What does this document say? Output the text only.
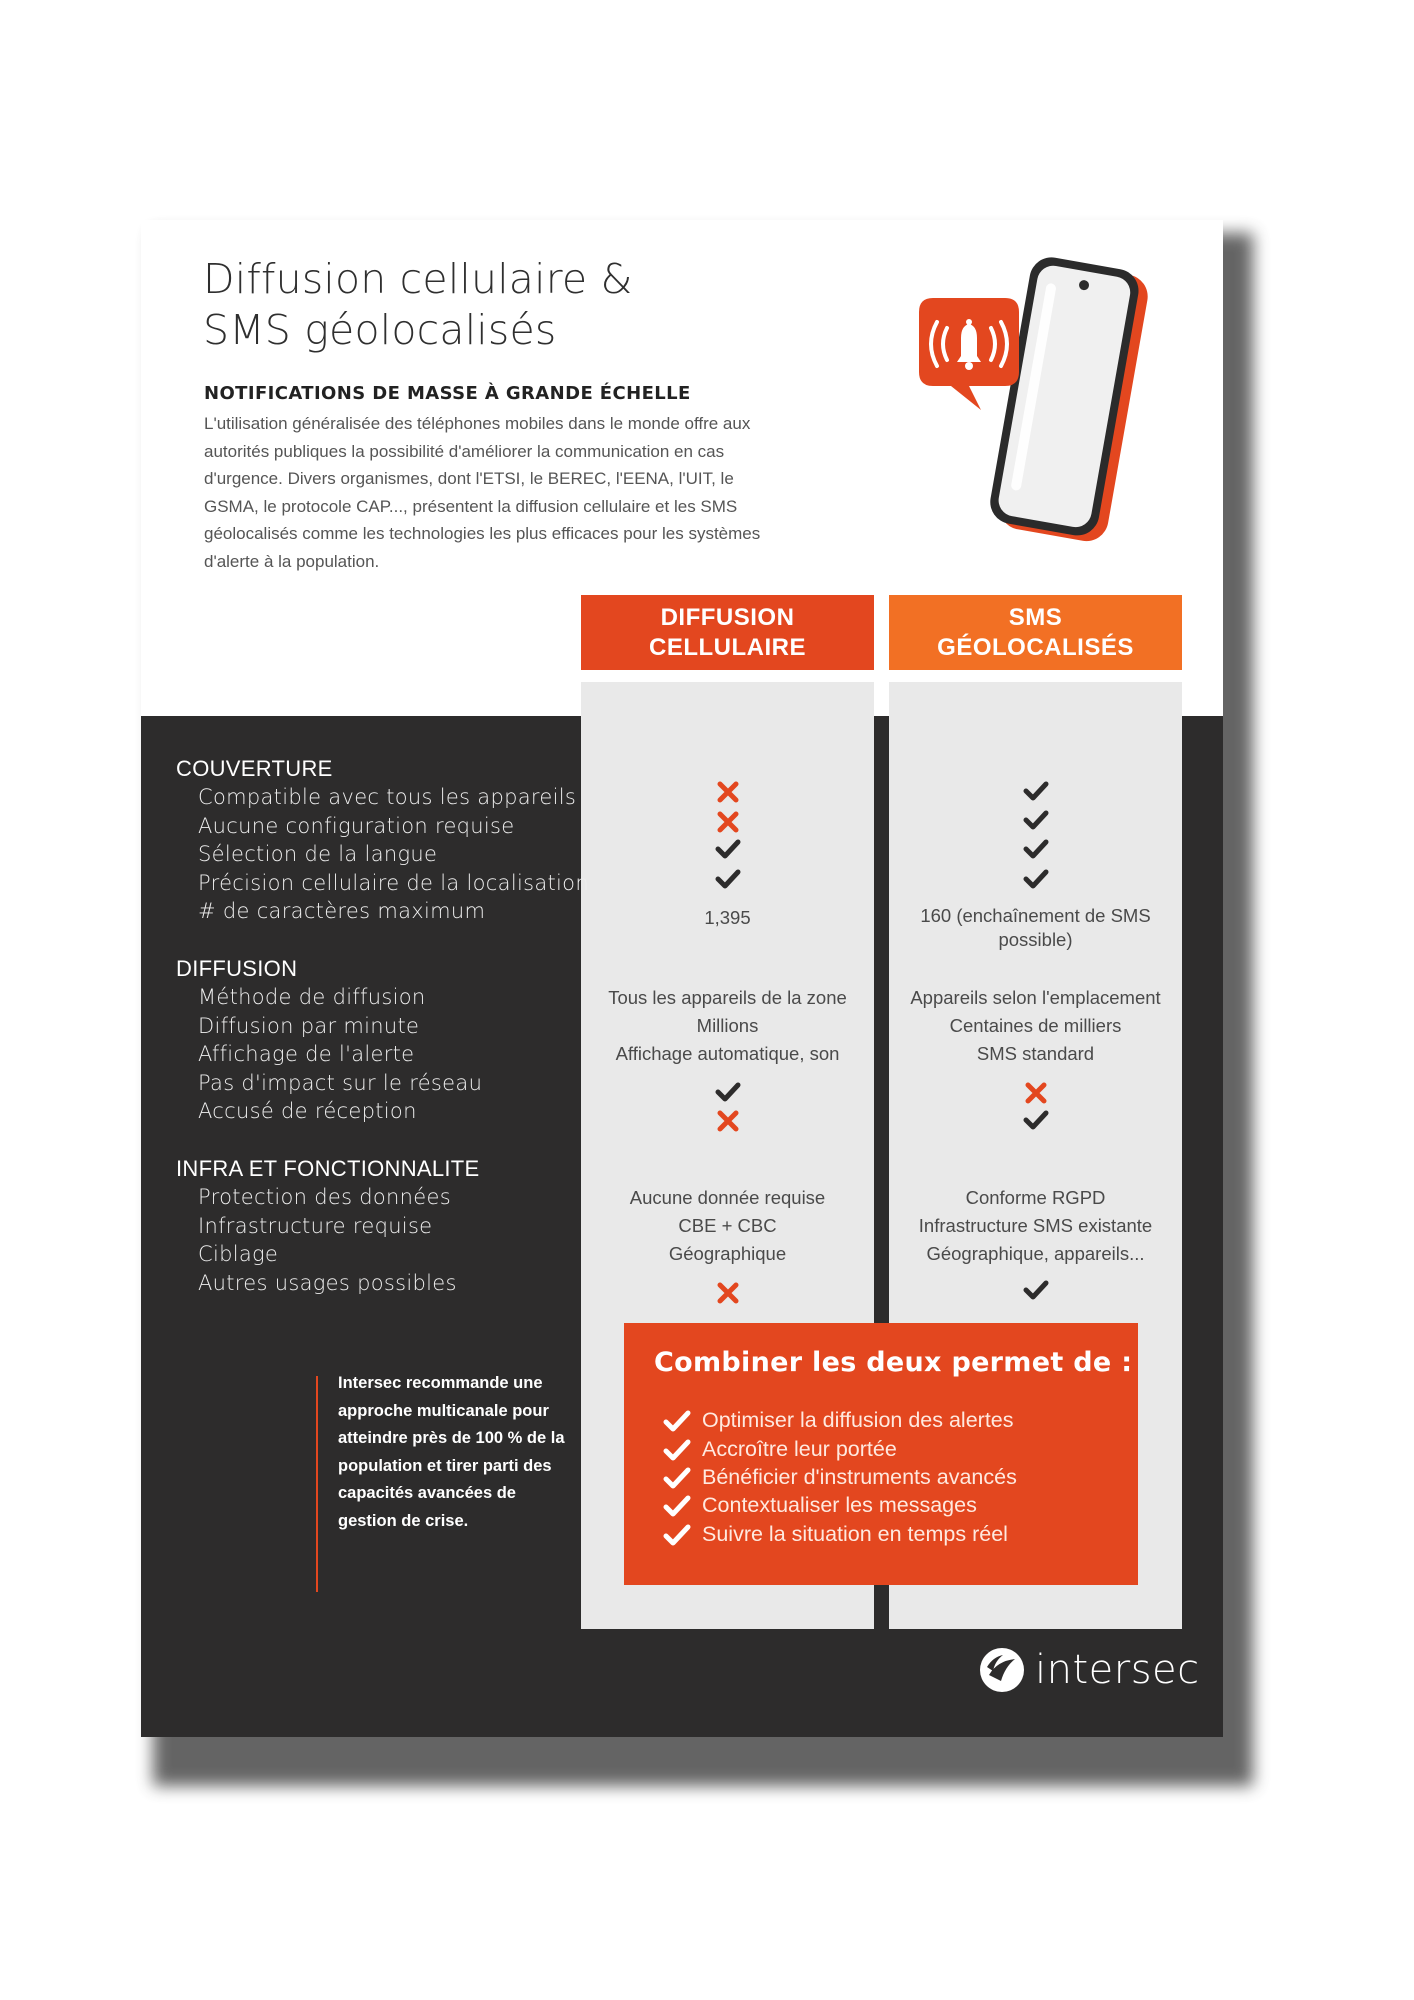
Diffusion cellulaire &
SMS géolocalisés
NOTIFICATIONS DE MASSE À GRANDE ÉCHELLE
L'utilisation généralisée des téléphones mobiles dans le monde offre aux autorités publiques la possibilité d'améliorer la communication en cas d'urgence. Divers organismes, dont l'ETSI, le BEREC, l'EENA, l'UIT, le GSMA, le protocole CAP..., présentent la diffusion cellulaire et les SMS géolocalisés comme les technologies les plus efficaces pour les systèmes d'alerte à la population.
DIFFUSION
CELLULAIRE
SMS
GÉOLOCALISÉS
COUVERTURE
Compatible avec tous les appareils
Aucune configuration requise
Sélection de la langue
Précision cellulaire de la localisation
# de caractères maximum	1,395	160 (enchaînement de SMS possible)
DIFFUSION
Méthode de diffusion
Diffusion par minute
Affichage de l'alerte
Pas d'impact sur le réseau
Accusé de réception
Tous les appareils de la zone
Millions
Affichage automatique, son
Appareils selon l'emplacement
Centaines de milliers
SMS standard
INFRA ET FONCTIONNALITE
Protection des données
Infrastructure requise
Ciblage
Autres usages possibles
Aucune donnée requise
CBE + CBC
Géographique
Conforme RGPD
Infrastructure SMS existante
Géographique, appareils...
Intersec recommande une approche multicanale pour atteindre près de 100 % de la population et tirer parti des capacités avancées de gestion de crise.
Combiner les deux permet de :
Optimiser la diffusion des alertes
Accroître leur portée
Bénéficier d'instruments avancés
Contextualiser les messages
Suivre la situation en temps réel
intersec
